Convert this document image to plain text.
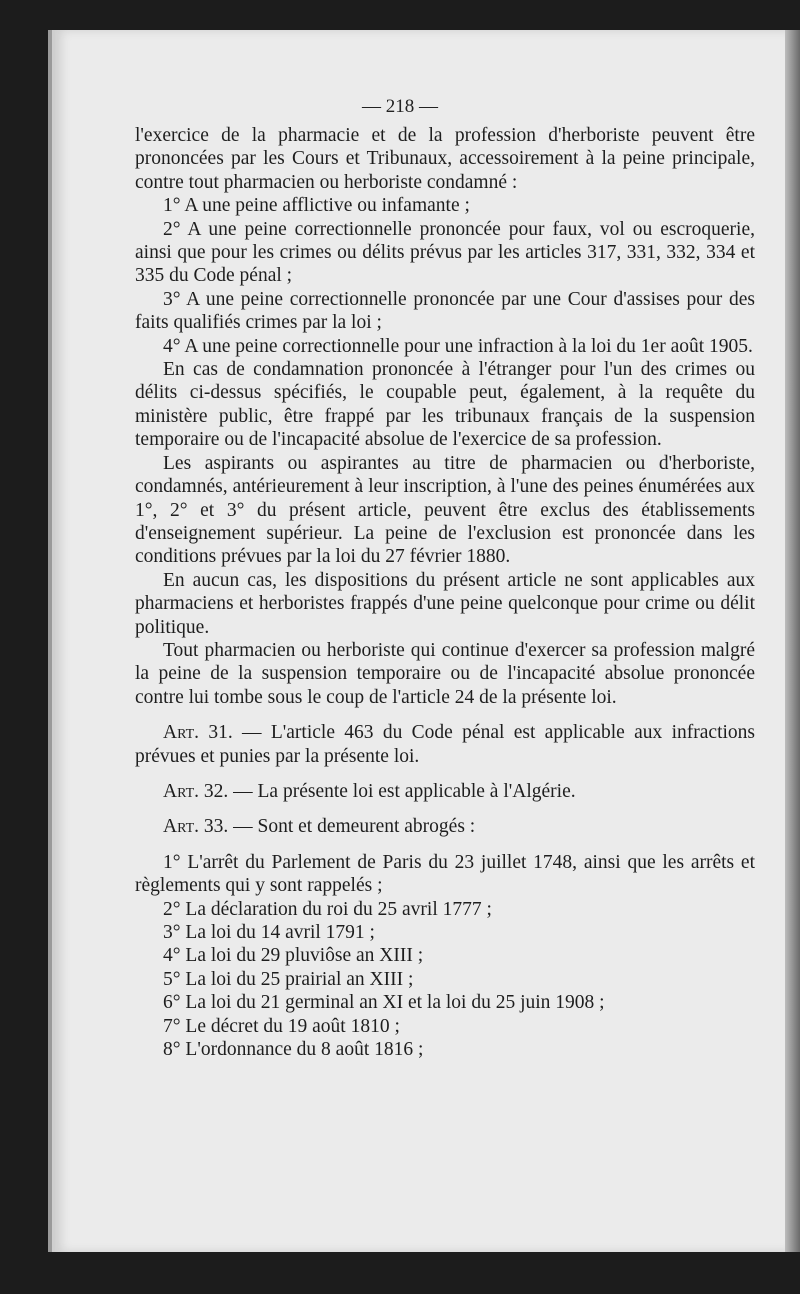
— 218 —

l'exercice de la pharmacie et de la profession d'herboriste peuvent être prononcées par les Cours et Tribunaux, accessoirement à la peine principale, contre tout pharmacien ou herboriste condamné :

1° A une peine afflictive ou infamante ;

2° A une peine correctionnelle prononcée pour faux, vol ou escroquerie, ainsi que pour les crimes ou délits prévus par les articles 317, 331, 332, 334 et 335 du Code pénal ;

3° A une peine correctionnelle prononcée par une Cour d'assises pour des faits qualifiés crimes par la loi ;

4° A une peine correctionnelle pour une infraction à la loi du 1er août 1905.

En cas de condamnation prononcée à l'étranger pour l'un des crimes ou délits ci-dessus spécifiés, le coupable peut, également, à la requête du ministère public, être frappé par les tribunaux français de la suspension temporaire ou de l'incapacité absolue de l'exercice de sa profession.

Les aspirants ou aspirantes au titre de pharmacien ou d'herboriste, condamnés, antérieurement à leur inscription, à l'une des peines énumérées aux 1°, 2° et 3° du présent article, peuvent être exclus des établissements d'enseignement supérieur. La peine de l'exclusion est prononcée dans les conditions prévues par la loi du 27 février 1880.

En aucun cas, les dispositions du présent article ne sont applicables aux pharmaciens et herboristes frappés d'une peine quelconque pour crime ou délit politique.

Tout pharmacien ou herboriste qui continue d'exercer sa profession malgré la peine de la suspension temporaire ou de l'incapacité absolue prononcée contre lui tombe sous le coup de l'article 24 de la présente loi.

Art. 31. — L'article 463 du Code pénal est applicable aux infractions prévues et punies par la présente loi.

Art. 32. — La présente loi est applicable à l'Algérie.

Art. 33. — Sont et demeurent abrogés :

1° L'arrêt du Parlement de Paris du 23 juillet 1748, ainsi que les arrêts et règlements qui y sont rappelés ;

2° La déclaration du roi du 25 avril 1777 ;

3° La loi du 14 avril 1791 ;

4° La loi du 29 pluviôse an XIII ;

5° La loi du 25 prairial an XIII ;

6° La loi du 21 germinal an XI et la loi du 25 juin 1908 ;

7° Le décret du 19 août 1810 ;

8° L'ordonnance du 8 août 1816 ;
